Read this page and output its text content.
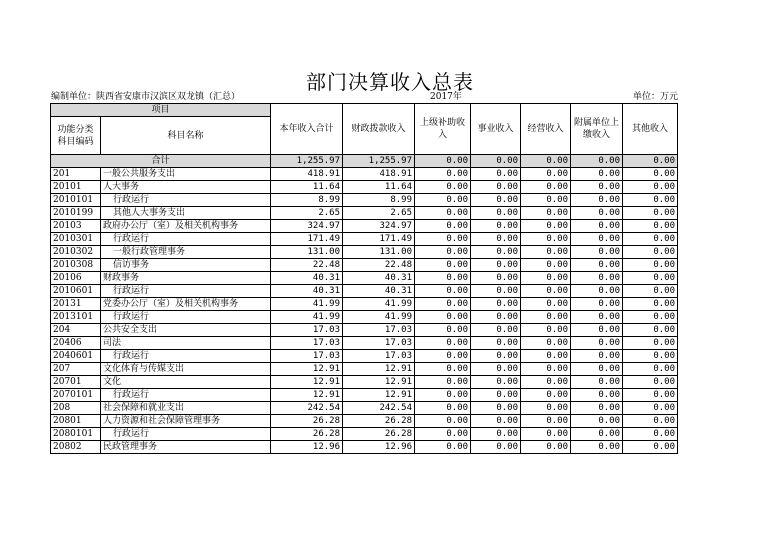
部门决算收入总表
编制单位：陕西省安康市汉滨区双龙镇（汇总）	2017年	单位：万元
项目		本年收入合计	财政拨款收入	上级补助收入	事业收入	经营收入	附属单位上缴收入	其他收入
功能分类
科目编码	科目名称							
合计		1,255.97	1,255.97	0.00	0.00	0.00	0.00	0.00
201	一般公共服务支出	418.91	418.91	0.00	0.00	0.00	0.00	0.00
20101	人大事务	11.64	11.64	0.00	0.00	0.00	0.00	0.00
2010101	行政运行	8.99	8.99	0.00	0.00	0.00	0.00	0.00
2010199	其他人大事务支出	2.65	2.65	0.00	0.00	0.00	0.00	0.00
20103	政府办公厅（室）及相关机构事务	324.97	324.97	0.00	0.00	0.00	0.00	0.00
2010301	行政运行	171.49	171.49	0.00	0.00	0.00	0.00	0.00
2010302	一般行政管理事务	131.00	131.00	0.00	0.00	0.00	0.00	0.00
2010308	信访事务	22.48	22.48	0.00	0.00	0.00	0.00	0.00
20106	财政事务	40.31	40.31	0.00	0.00	0.00	0.00	0.00
2010601	行政运行	40.31	40.31	0.00	0.00	0.00	0.00	0.00
20131	党委办公厅（室）及相关机构事务	41.99	41.99	0.00	0.00	0.00	0.00	0.00
2013101	行政运行	41.99	41.99	0.00	0.00	0.00	0.00	0.00
204	公共安全支出	17.03	17.03	0.00	0.00	0.00	0.00	0.00
20406	司法	17.03	17.03	0.00	0.00	0.00	0.00	0.00
2040601	行政运行	17.03	17.03	0.00	0.00	0.00	0.00	0.00
207	文化体育与传媒支出	12.91	12.91	0.00	0.00	0.00	0.00	0.00
20701	文化	12.91	12.91	0.00	0.00	0.00	0.00	0.00
2070101	行政运行	12.91	12.91	0.00	0.00	0.00	0.00	0.00
208	社会保障和就业支出	242.54	242.54	0.00	0.00	0.00	0.00	0.00
20801	人力资源和社会保障管理事务	26.28	26.28	0.00	0.00	0.00	0.00	0.00
2080101	行政运行	26.28	26.28	0.00	0.00	0.00	0.00	0.00
20802	民政管理事务	12.96	12.96	0.00	0.00	0.00	0.00	0.00
